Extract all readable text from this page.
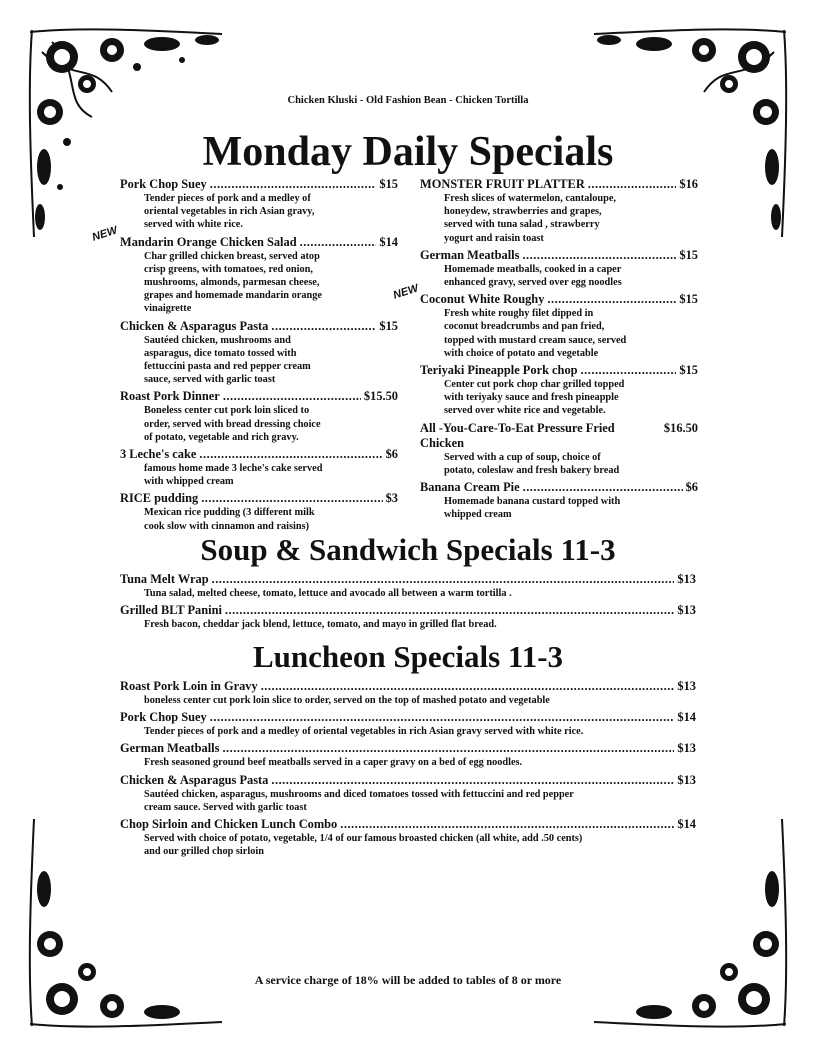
Chicken Kluski - Old Fashion Bean - Chicken Tortilla
Monday Daily Specials
NEW
NEW
Pork Chop Suey .....	$15
Tender pieces of pork and a medley of
oriental vegetables in rich Asian gravy,
served with white rice.
Mandarin Orange Chicken Salad .....	$14
Char grilled chicken breast, served atop
crisp greens, with tomatoes, red onion,
mushrooms, almonds, parmesan cheese,
grapes and homemade mandarin orange
vinaigrette
Chicken & Asparagus Pasta .....	$15
Sautéed chicken, mushrooms and
asparagus, dice tomato tossed with
fettuccini pasta and red pepper cream
sauce, served with garlic toast
Roast Pork Dinner .....	$15.50
Boneless center cut pork loin sliced to
order, served with bread dressing choice
of potato, vegetable and rich gravy.
3 Leche's cake .....	$6
famous home made 3 leche's cake served
with whipped cream
RICE pudding .....	$3
Mexican rice pudding (3 different milk
cook slow with cinnamon and raisins)
MONSTER FRUIT PLATTER .....	$16
Fresh slices of watermelon, cantaloupe,
honeydew, strawberries and grapes,
served with tuna salad , strawberry
yogurt and raisin toast
German Meatballs .....	$15
Homemade meatballs, cooked in a caper
enhanced gravy, served over egg noodles
Coconut White Roughy .....	$15
Fresh white roughy filet dipped in
coconut breadcrumbs and pan fried,
topped with mustard cream sauce, served
with choice of potato and vegetable
Teriyaki Pineapple Pork chop .....	$15
Center cut pork chop char grilled topped
with teriyaky sauce and fresh pineapple
served over white rice and vegetable.
All -You-Care-To-Eat Pressure Fried	$16.50
Chicken
Served with a cup of soup, choice of
potato, coleslaw and fresh bakery bread
Banana Cream Pie .....	$6
Homemade banana custard topped with
whipped cream
Soup & Sandwich Specials 11-3
Tuna Melt Wrap .....	$13
Tuna salad, melted cheese, tomato, lettuce and avocado all between a warm tortilla .
Grilled BLT Panini .....	$13
Fresh bacon, cheddar jack blend, lettuce, tomato, and mayo in grilled flat bread.
Luncheon Specials 11-3
Roast Pork Loin in Gravy .....	$13
boneless center cut pork loin slice to order, served on the top of mashed potato and vegetable
Pork Chop Suey .....	$14
Tender pieces of pork and a medley of oriental vegetables in rich Asian gravy served with white rice.
German Meatballs .....	$13
Fresh seasoned ground beef meatballs served in a caper gravy on a bed of egg noodles.
Chicken & Asparagus Pasta .....	$13
Sautéed chicken, asparagus, mushrooms and diced tomatoes tossed with fettuccini and red pepper
cream sauce. Served with garlic toast
Chop Sirloin and Chicken Lunch Combo .....	$14
Served with choice of potato, vegetable, 1/4 of our famous broasted chicken (all white, add .50 cents)
and our grilled chop sirloin
A service charge of 18% will be added to tables of 8 or more
